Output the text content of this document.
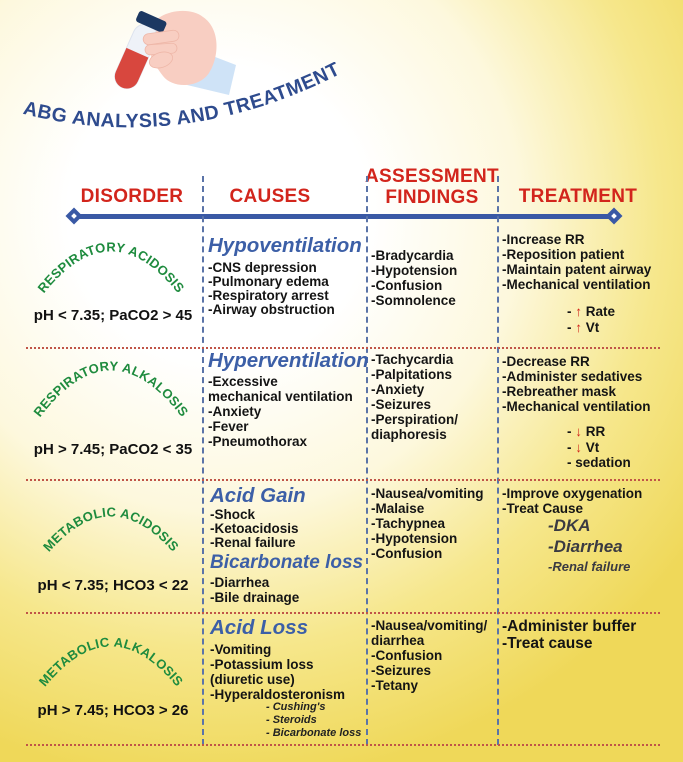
ABG ANALYSIS AND TREATMENT
DISORDER	CAUSES
ASSESSMENT FINDINGS	TREATMENT
RESPIRATORY ACIDOSIS
pH < 7.35; PaCO2 > 45
Hypoventilation
-CNS depression
-Pulmonary edema
-Respiratory arrest
-Airway obstruction
-Bradycardia
-Hypotension
-Confusion
-Somnolence
-Increase RR
-Reposition patient
-Maintain patent airway
-Mechanical ventilation
- ↑ Rate
- ↑ Vt
RESPIRATORY ALKALOSIS
pH > 7.45; PaCO2 < 35
Hyperventilation
-Excessive
mechanical ventilation
-Anxiety
-Fever
-Pneumothorax
-Tachycardia
-Palpitations
-Anxiety
-Seizures
-Perspiration/
diaphoresis
-Decrease RR
-Administer sedatives
-Rebreather mask
-Mechanical ventilation
- ↓ RR
- ↓ Vt
- sedation
METABOLIC ACIDOSIS
pH < 7.35; HCO3 < 22
Acid Gain
-Shock
-Ketoacidosis
-Renal failure
Bicarbonate loss
-Diarrhea
-Bile drainage
-Nausea/vomiting
-Malaise
-Tachypnea
-Hypotension
-Confusion
-Improve oxygenation
-Treat Cause
-DKA
-Diarrhea
-Renal failure
METABOLIC ALKALOSIS
pH > 7.45; HCO3 > 26
Acid Loss
-Vomiting
-Potassium loss
(diuretic use)
-Hyperaldosteronism
- Cushing's
- Steroids
- Bicarbonate loss
-Nausea/vomiting/
diarrhea
-Confusion
-Seizures
-Tetany
-Administer buffer
-Treat cause
